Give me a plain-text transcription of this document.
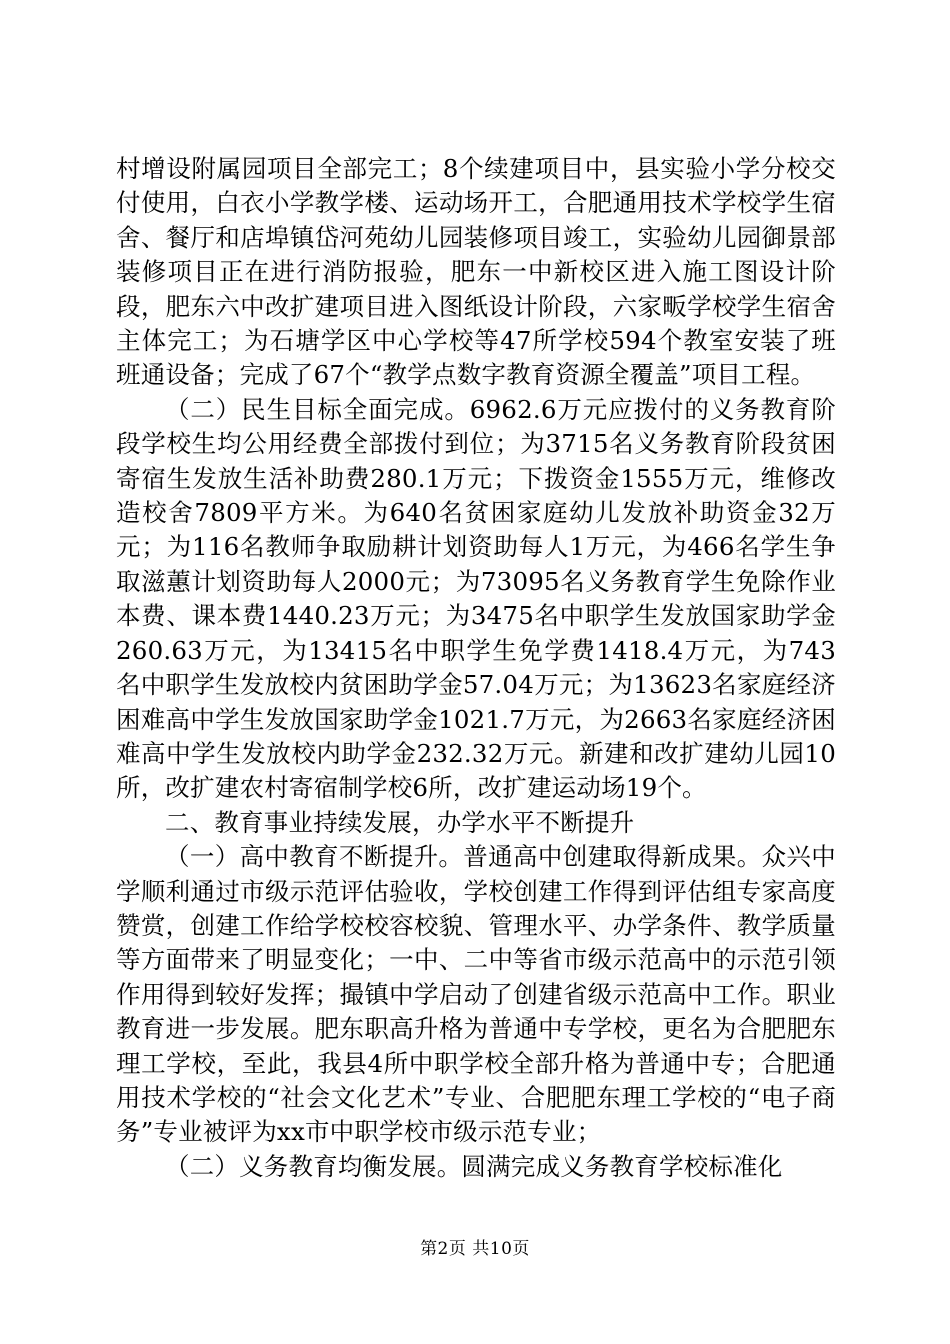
村增设附属园项目全部完工；8个续建项目中，县实验小学分校交付使用，白衣小学教学楼、运动场开工，合肥通用技术学校学生宿舍、餐厅和店埠镇岱河苑幼儿园装修项目竣工，实验幼儿园御景部装修项目正在进行消防报验，肥东一中新校区进入施工图设计阶段，肥东六中改扩建项目进入图纸设计阶段，六家畈学校学生宿舍主体完工；为石塘学区中心学校等47所学校594个教室安装了班班通设备；完成了67个“教学点数字教育资源全覆盖”项目工程。

（二）民生目标全面完成。6962.6万元应拨付的义务教育阶段学校生均公用经费全部拨付到位；为3715名义务教育阶段贫困寄宿生发放生活补助费280.1万元；下拨资金1555万元，维修改造校舍7809平方米。为640名贫困家庭幼儿发放补助资金32万元；为116名教师争取励耕计划资助每人1万元，为466名学生争取滋蕙计划资助每人2000元；为73095名义务教育学生免除作业本费、课本费1440.23万元；为3475名中职学生发放国家助学金260.63万元，为13415名中职学生免学费1418.4万元，为743名中职学生发放校内贫困助学金57.04万元；为13623名家庭经济困难高中学生发放国家助学金1021.7万元，为2663名家庭经济困难高中学生发放校内助学金232.32万元。新建和改扩建幼儿园10所，改扩建农村寄宿制学校6所，改扩建运动场19个。

二、教育事业持续发展，办学水平不断提升

（一）高中教育不断提升。普通高中创建取得新成果。众兴中学顺利通过市级示范评估验收，学校创建工作得到评估组专家高度赞赏，创建工作给学校校容校貌、管理水平、办学条件、教学质量等方面带来了明显变化；一中、二中等省市级示范高中的示范引领作用得到较好发挥；撮镇中学启动了创建省级示范高中工作。职业教育进一步发展。肥东职高升格为普通中专学校，更名为合肥肥东理工学校，至此，我县4所中职学校全部升格为普通中专；合肥通用技术学校的“社会文化艺术”专业、合肥肥东理工学校的“电子商务”专业被评为xx市中职学校市级示范专业；

（二）义务教育均衡发展。圆满完成义务教育学校标准化

第2页 共10页
